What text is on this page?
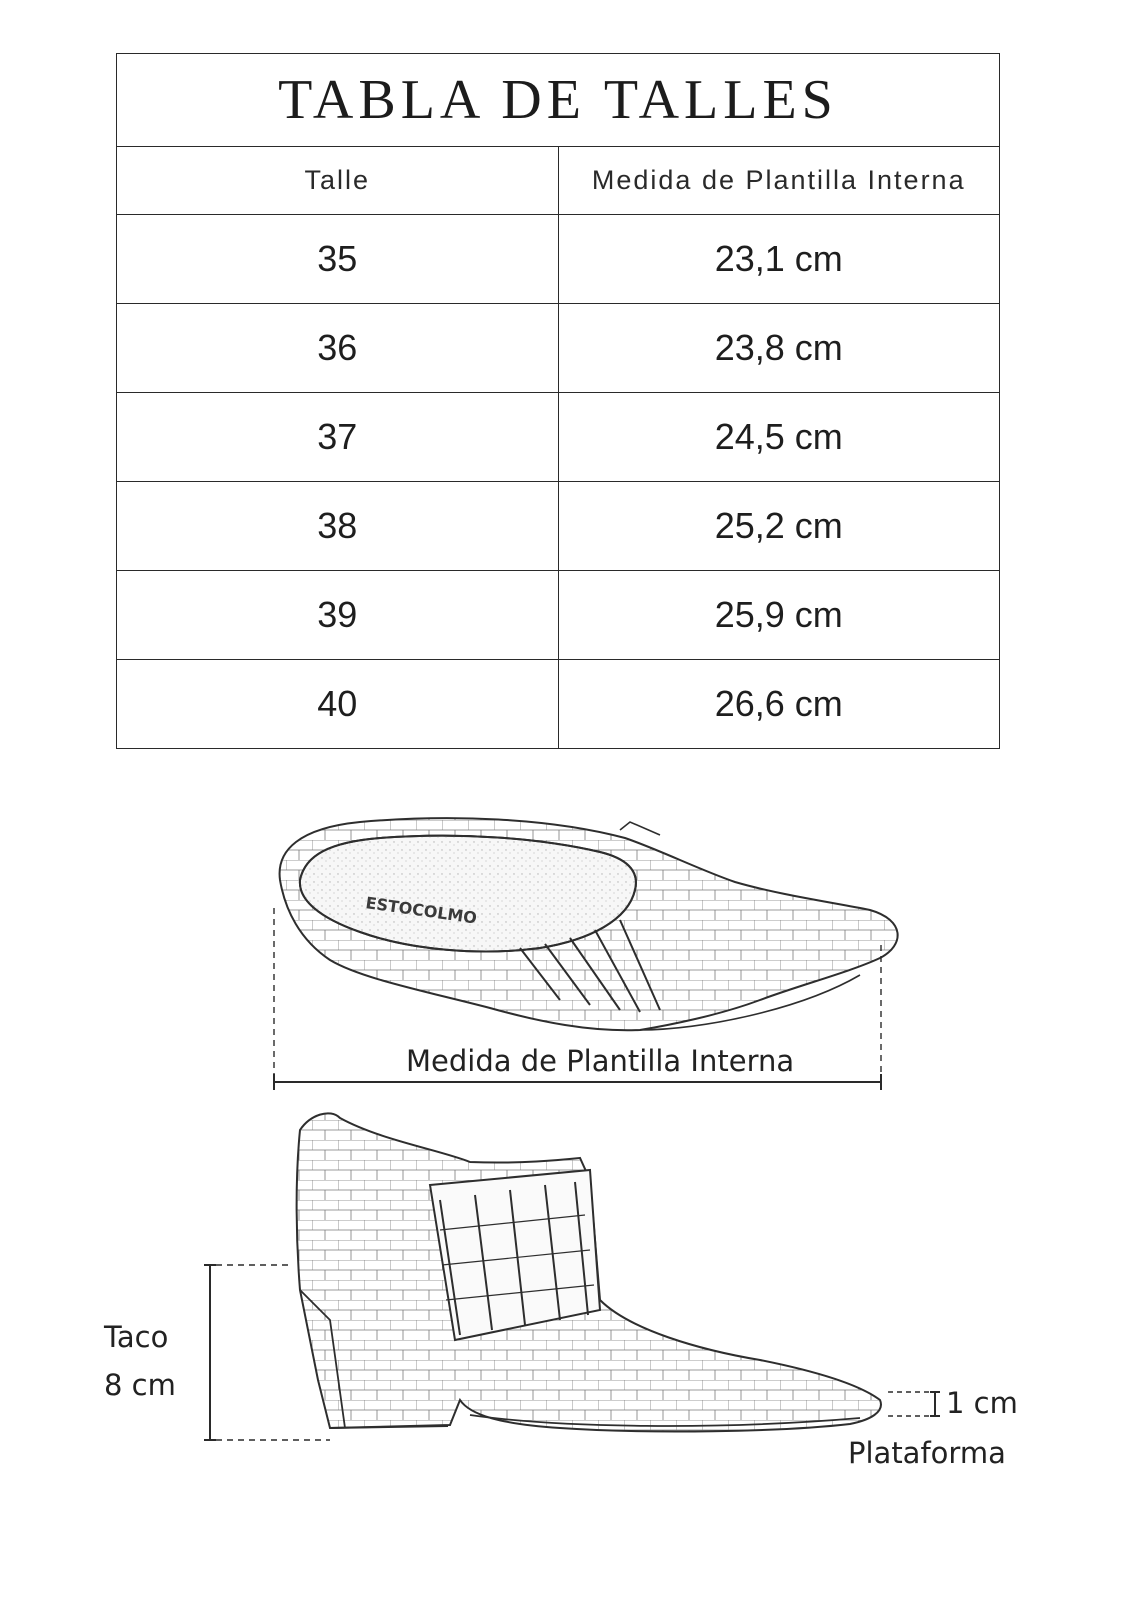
TABLA DE TALLES	
Talle	Medida de Plantilla Interna
35	23,1 cm
36	23,8 cm
37	24,5 cm
38	25,2 cm
39	25,9 cm
40	26,6 cm
ESTOCOLMO
Medida de Plantilla Interna
Taco
8 cm
1 cm
Plataforma
